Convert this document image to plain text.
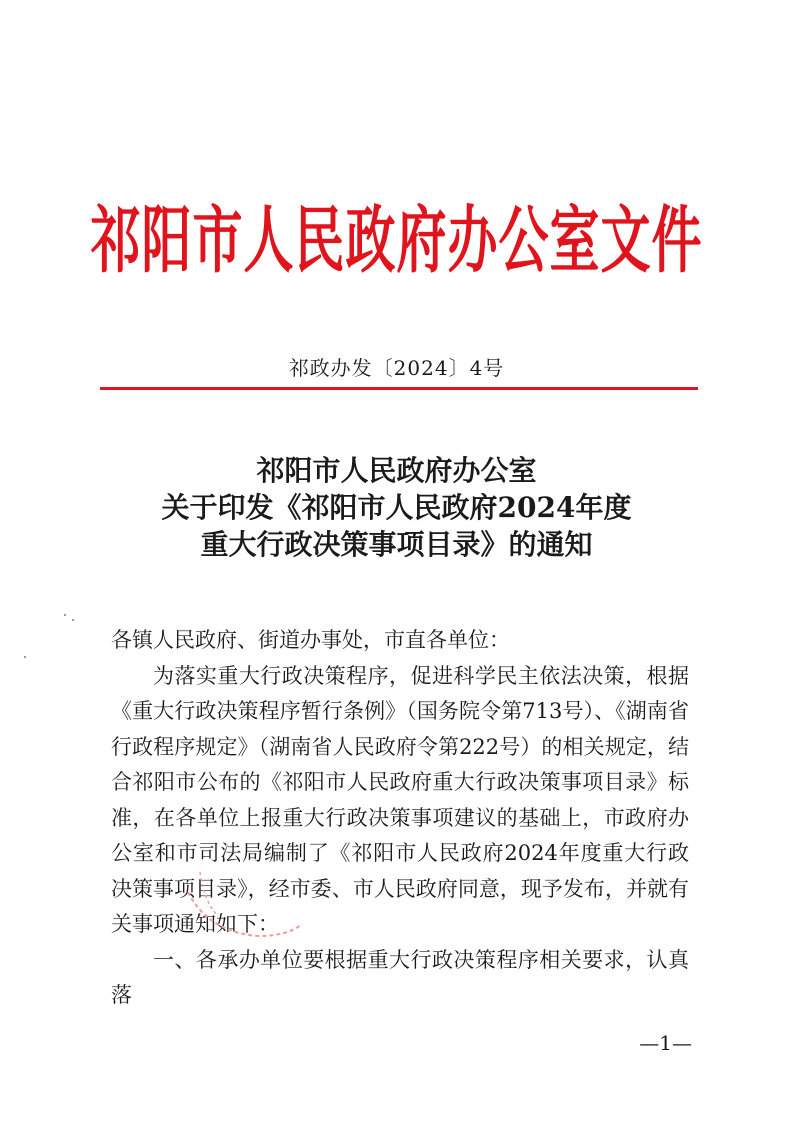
祁阳市人民政府办公室文件
祁政办发〔2024〕4号
祁阳市人民政府办公室
关于印发《祁阳市人民政府2024年度
重大行政决策事项目录》的通知

各镇人民政府、街道办事处，市直各单位：

为落实重大行政决策程序，促进科学民主依法决策，根据《重大行政决策程序暂行条例》（国务院令第713号）、《湖南省行政程序规定》（湖南省人民政府令第222号）的相关规定，结合祁阳市公布的《祁阳市人民政府重大行政决策事项目录》标准，在各单位上报重大行政决策事项建议的基础上，市政府办公室和市司法局编制了《祁阳市人民政府2024年度重大行政决策事项目录》，经市委、市人民政府同意，现予发布，并就有关事项通知如下：

一、各承办单位要根据重大行政决策程序相关要求，认真落

—1—
